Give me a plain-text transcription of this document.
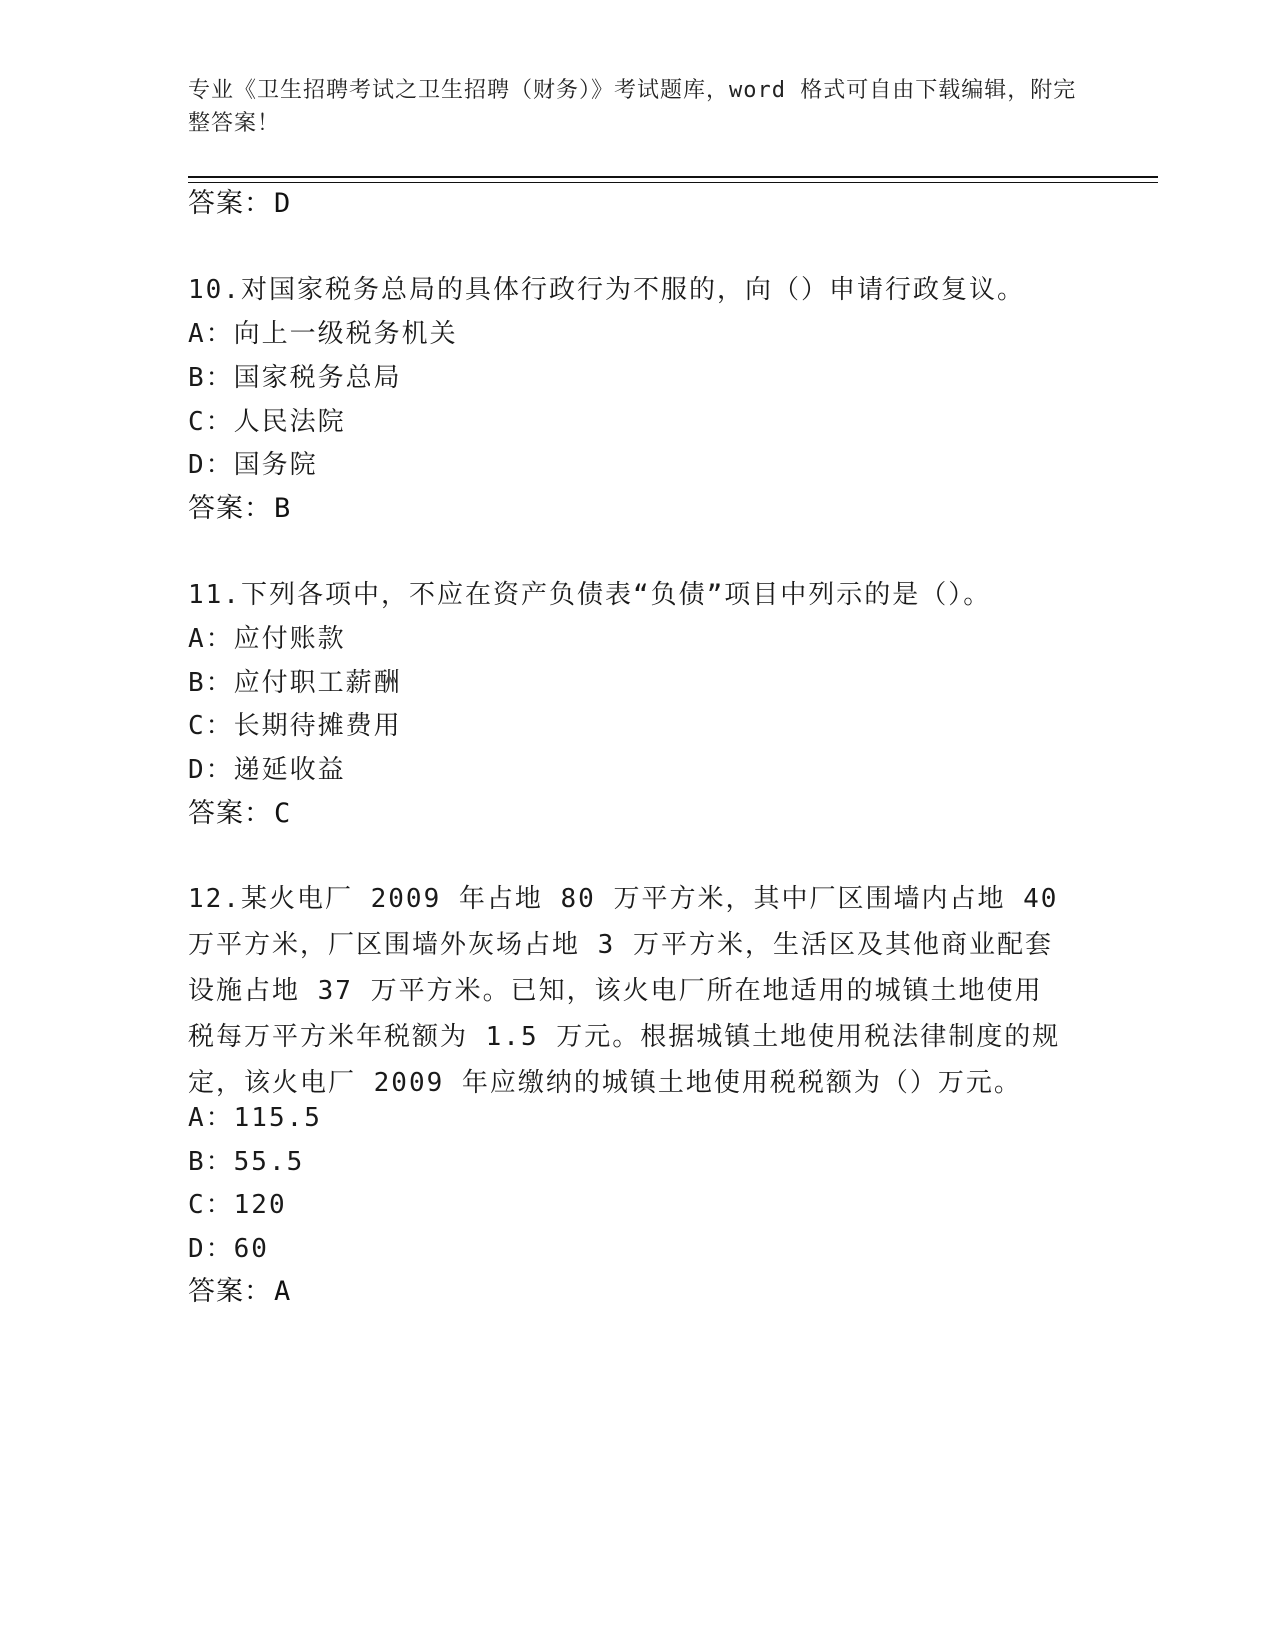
专业《卫生招聘考试之卫生招聘（财务）》考试题库，word 格式可自由下载编辑，附完整答案！
答案：D
10.对国家税务总局的具体行政行为不服的，向（）申请行政复议。
A：向上一级税务机关
B：国家税务总局
C：人民法院
D：国务院
答案：B
11.下列各项中，不应在资产负债表“负债”项目中列示的是（）。
A：应付账款
B：应付职工薪酬
C：长期待摊费用
D：递延收益
答案：C
12.某火电厂 2009 年占地 80 万平方米，其中厂区围墙内占地 40 万平方米，厂区围墙外灰场占地 3 万平方米，生活区及其他商业配套设施占地 37 万平方米。已知，该火电厂所在地适用的城镇土地使用税每万平方米年税额为 1.5 万元。根据城镇土地使用税法律制度的规定，该火电厂 2009 年应缴纳的城镇土地使用税税额为（）万元。
A：115.5
B：55.5
C：120
D：60
答案：A
